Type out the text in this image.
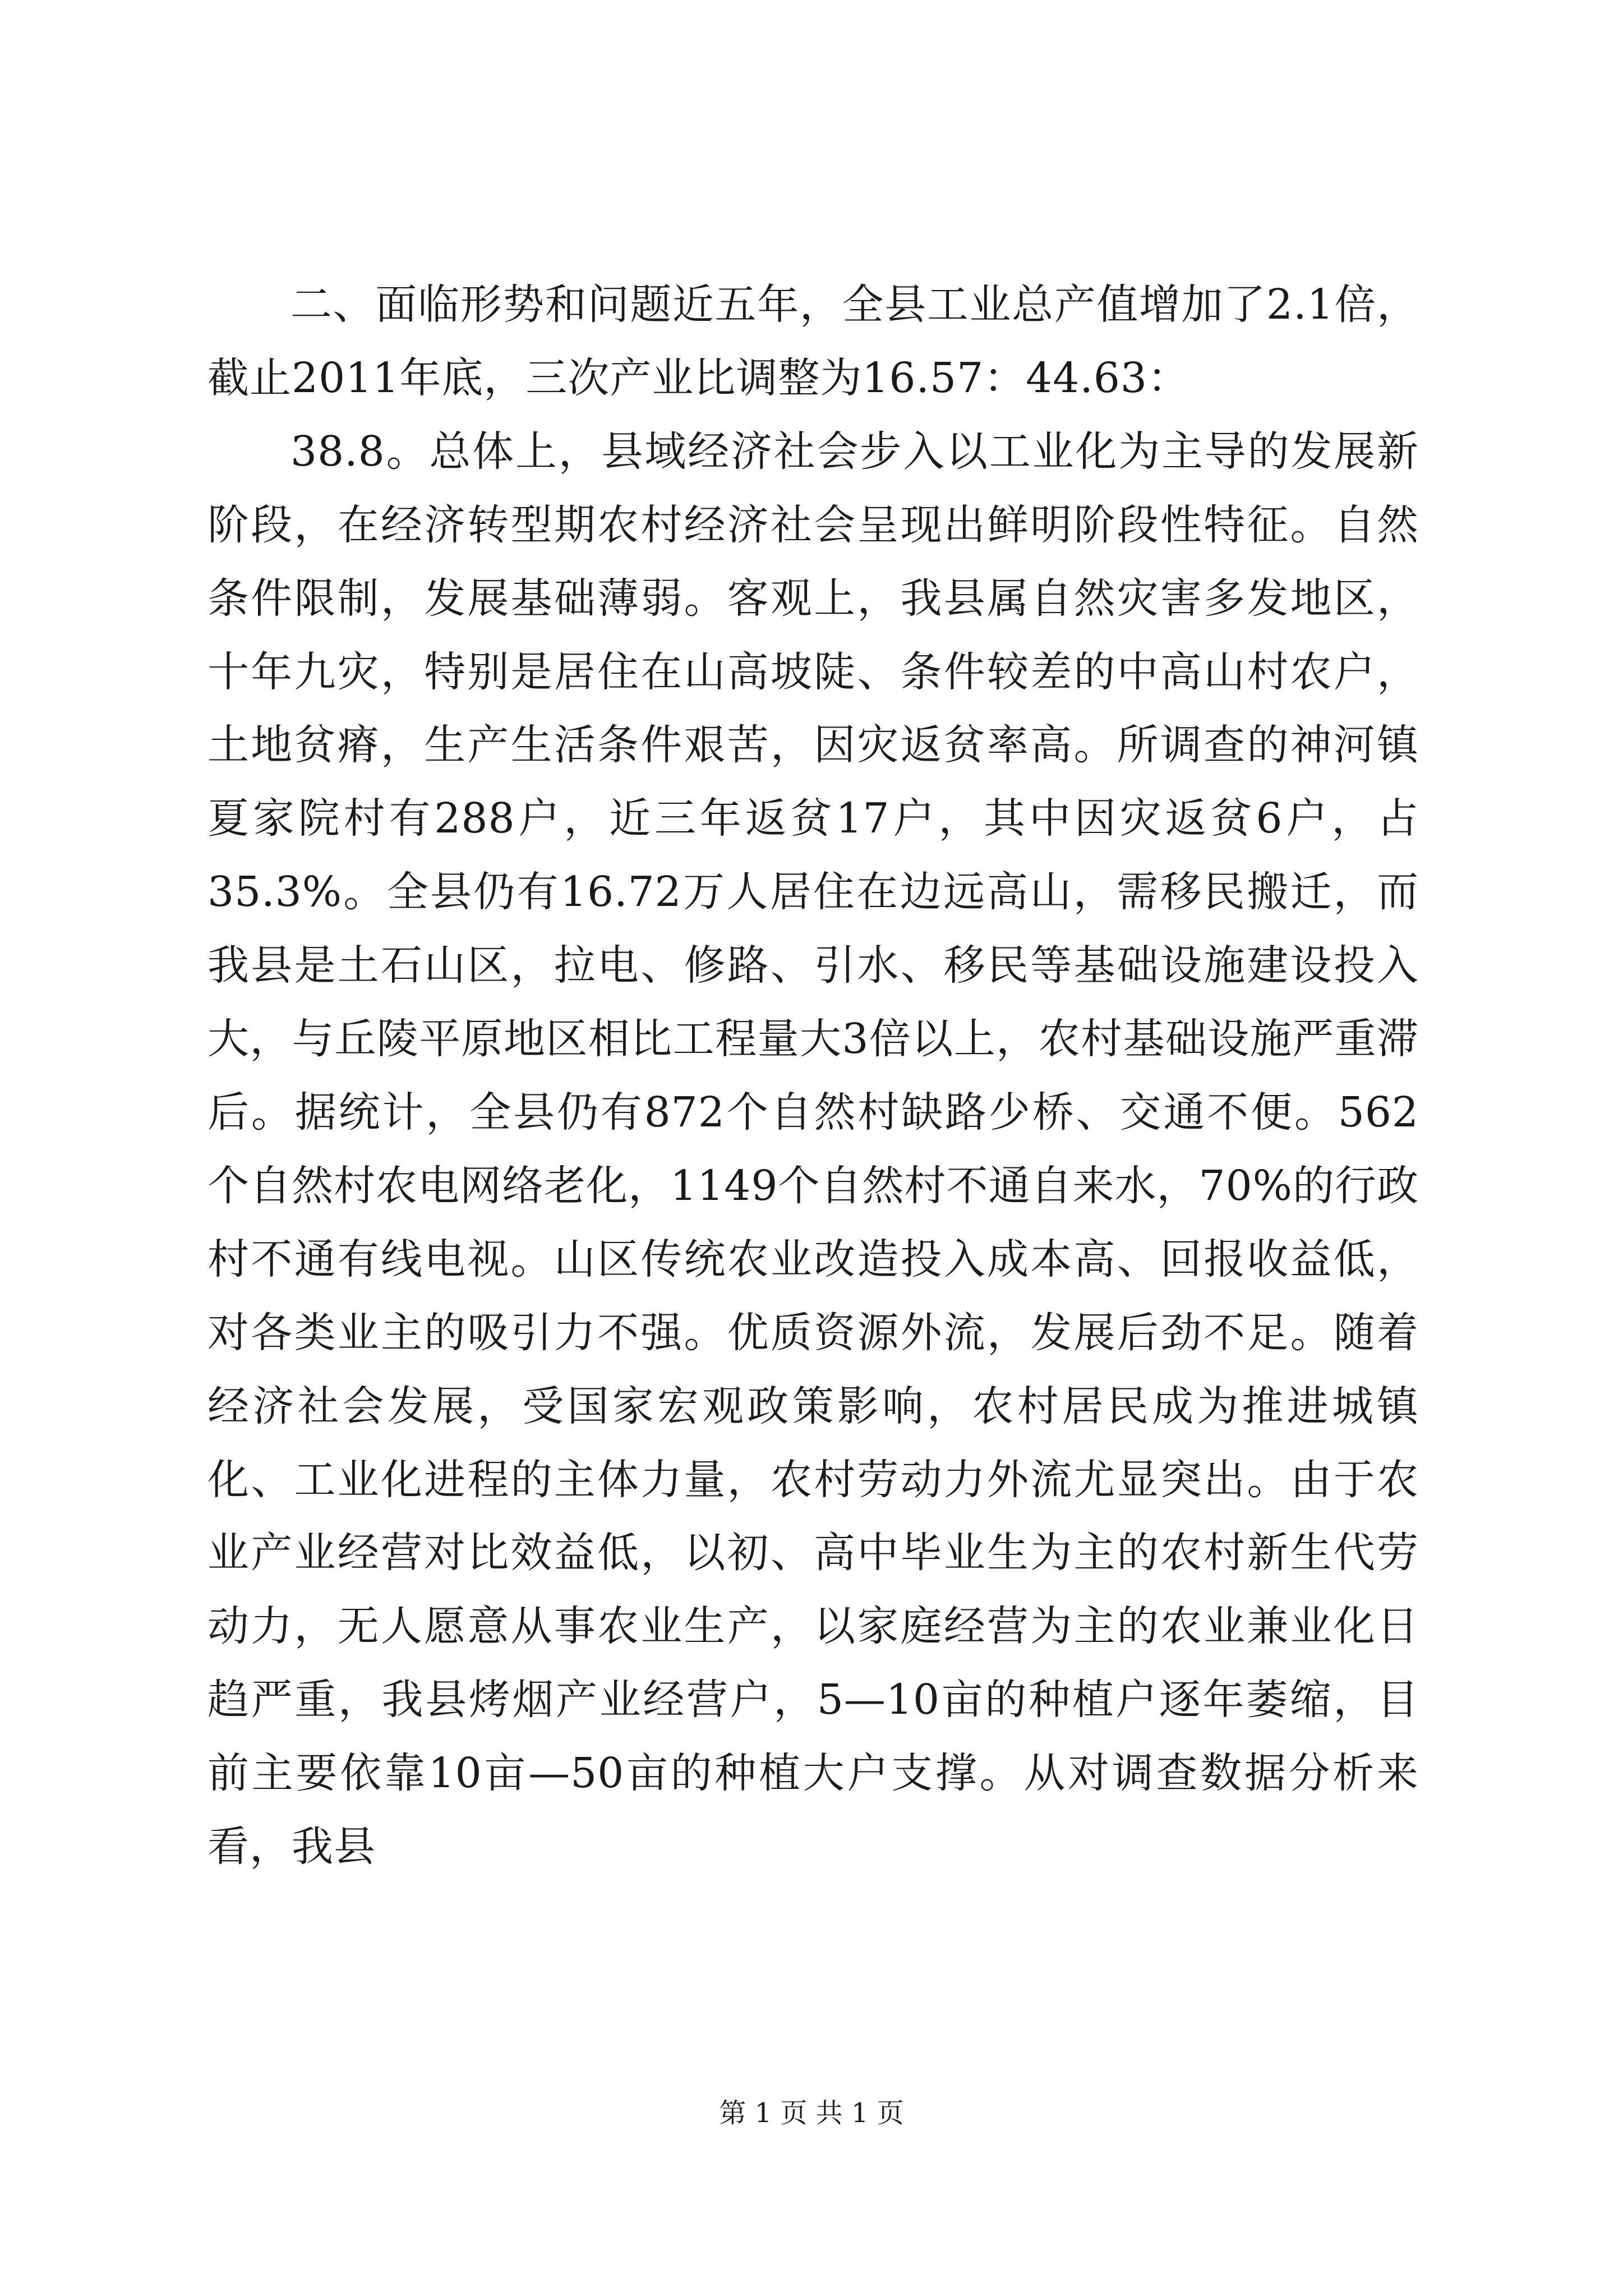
二、面临形势和问题近五年，全县工业总产值增加了2.1倍，截止2011年底，三次产业比调整为16.57：44.63：

38.8。总体上，县域经济社会步入以工业化为主导的发展新阶段，在经济转型期农村经济社会呈现出鲜明阶段性特征。自然条件限制，发展基础薄弱。客观上，我县属自然灾害多发地区，十年九灾，特别是居住在山高坡陡、条件较差的中高山村农户，土地贫瘠，生产生活条件艰苦，因灾返贫率高。所调查的神河镇夏家院村有288户，近三年返贫17户，其中因灾返贫6户，占35.3%。全县仍有16.72万人居住在边远高山，需移民搬迁，而我县是土石山区，拉电、修路、引水、移民等基础设施建设投入大，与丘陵平原地区相比工程量大3倍以上，农村基础设施严重滞后。据统计，全县仍有872个自然村缺路少桥、交通不便。562个自然村农电网络老化，1149个自然村不通自来水，70%的行政村不通有线电视。山区传统农业改造投入成本高、回报收益低，对各类业主的吸引力不强。优质资源外流，发展后劲不足。随着经济社会发展，受国家宏观政策影响，农村居民成为推进城镇化、工业化进程的主体力量，农村劳动力外流尤显突出。由于农业产业经营对比效益低，以初、高中毕业生为主的农村新生代劳动力，无人愿意从事农业生产，以家庭经营为主的农业兼业化日趋严重，我县烤烟产业经营户，5—10亩的种植户逐年萎缩，目前主要依靠10亩—50亩的种植大户支撑。从对调查数据分析来看，我县

第 1 页 共 1 页
